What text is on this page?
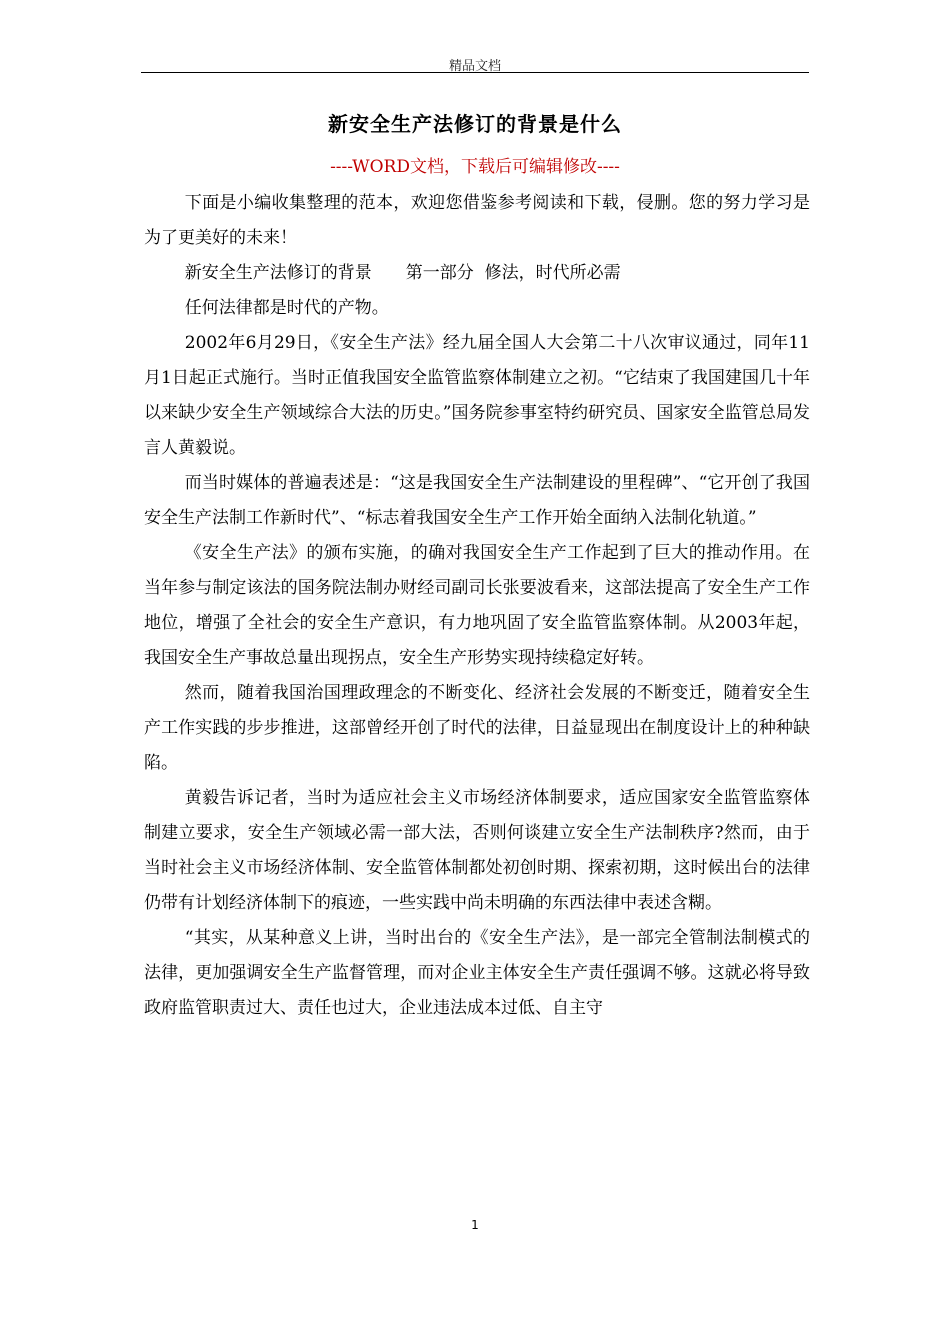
精品文档
新安全生产法修订的背景是什么
----WORD文档，下载后可编辑修改----

下面是小编收集整理的范本，欢迎您借鉴参考阅读和下载，侵删。您的努力学习是为了更美好的未来！

新安全生产法修订的背景　　第一部分  修法，时代所必需

任何法律都是时代的产物。

2002年6月29日，《安全生产法》经九届全国人大会第二十八次审议通过，同年11月1日起正式施行。当时正值我国安全监管监察体制建立之初。“它结束了我国建国几十年以来缺少安全生产领域综合大法的历史。”国务院参事室特约研究员、国家安全监管总局发言人黄毅说。

而当时媒体的普遍表述是：“这是我国安全生产法制建设的里程碑”、“它开创了我国安全生产法制工作新时代”、“标志着我国安全生产工作开始全面纳入法制化轨道。”

《安全生产法》的颁布实施，的确对我国安全生产工作起到了巨大的推动作用。在当年参与制定该法的国务院法制办财经司副司长张要波看来，这部法提高了安全生产工作地位，增强了全社会的安全生产意识，有力地巩固了安全监管监察体制。从2003年起，我国安全生产事故总量出现拐点，安全生产形势实现持续稳定好转。

然而，随着我国治国理政理念的不断变化、经济社会发展的不断变迁，随着安全生产工作实践的步步推进，这部曾经开创了时代的法律，日益显现出在制度设计上的种种缺陷。

黄毅告诉记者，当时为适应社会主义市场经济体制要求，适应国家安全监管监察体制建立要求，安全生产领域必需一部大法，否则何谈建立安全生产法制秩序?然而，由于当时社会主义市场经济体制、安全监管体制都处初创时期、探索初期，这时候出台的法律仍带有计划经济体制下的痕迹，一些实践中尚未明确的东西法律中表述含糊。

“其实，从某种意义上讲，当时出台的《安全生产法》，是一部完全管制法制模式的法律，更加强调安全生产监督管理，而对企业主体安全生产责任强调不够。这就必将导致政府监管职责过大、责任也过大，企业违法成本过低、自主守

1
